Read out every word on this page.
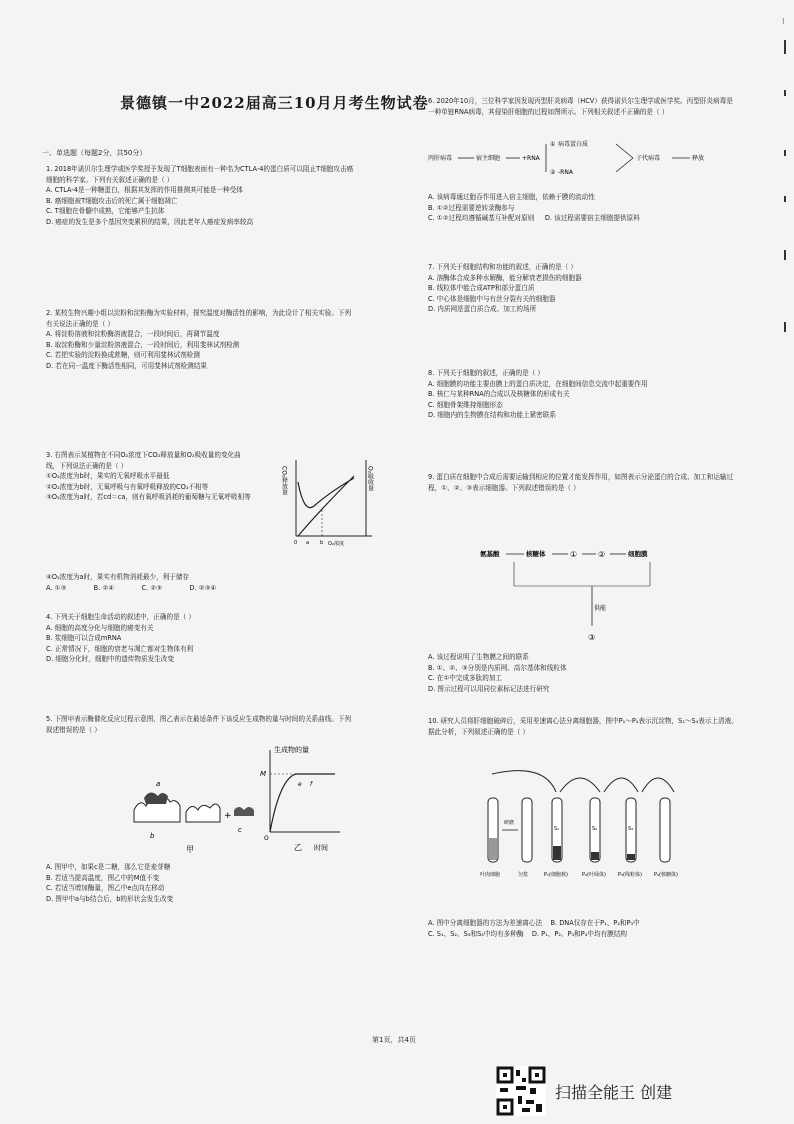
景德镇一中2022届高三10月月考生物试卷
一、单选题（每题2分，共50分）

1. 2018年诺贝尔生理学或医学奖授予发现了T细胞表面有一种名为CTLA-4的蛋白质可以阻止T细胞攻击癌细胞的科学家。下列有关叙述正确的是（ ）

A. CTLA-4是一种糖蛋白，根据其发挥的作用推测其可能是一种受体

B. 癌细胞被T细胞攻击后的死亡属于细胞凋亡

C. T细胞在骨髓中成熟，它能够产生抗体

D. 癌症的发生是多个基因突变累积的结果，因此老年人癌症发病率较高

2. 某校生物兴趣小组以淀粉和淀粉酶为实验材料，探究温度对酶活性的影响，为此设计了相关实验。下列有关说法正确的是（ ）

A. 将淀粉溶液和淀粉酶溶液混合，一段时间后，再调节温度

B. 取淀粉酶和少量淀粉溶液混合，一段时间后，利用斐林试剂检测

C. 若把实验的淀粉换成蔗糖，则可利用斐林试剂检测

D. 若在同一温度下酶活性相同，可用斐林试剂检测结果

3. 右图表示某植物在不同O₂浓度下CO₂释放量和O₂吸收量的变化曲线，下列说法正确的是（ ）

①O₂浓度为b时，果实的无氧呼吸水平最低

②O₂浓度为b时，无氧呼吸与有氧呼吸释放的CO₂不相等

③O₂浓度为a时，若cd＝ca，则有氧呼吸消耗的葡萄糖与无氧呼吸相等

④O₂浓度为a时，果实有机物消耗最少，利于储存

A. ①③	B. ②④	C. ②③	D. ②③④

CO₂释放量	O₂吸收量
O₂浓度
0 a b

4. 下列关于细胞生命活动的叙述中，正确的是（ ）

A. 细胞的高度分化与细胞的癌变有关

B. 浆细胞可以合成mRNA

C. 正常情况下，细胞的衰老与凋亡都对生物体有利

D. 细胞分化时，细胞中的遗传物质发生改变

5. 下图甲表示酶催化反应过程示意图，图乙表示在最适条件下该反应生成物的量与时间的关系曲线。下列叙述错误的是（ ）

a
b
+
c
甲
生成物的量
M
e f
O
乙 时间

A. 图甲中，如果c是二糖，那么它是麦芽糖

B. 若适当提高温度，图乙中的M值不变

C. 若适当增加酶量，图乙中e点向左移动

D. 图甲中a与b结合后，b的形状会发生改变

6. 2020年10月，三位科学家因发现丙型肝炎病毒（HCV）获得诺贝尔生理学或医学奖。丙型肝炎病毒是一种单链RNA病毒，其侵染肝细胞的过程如图所示。下列相关叙述不正确的是（ ）

丙肝病毒	宿主细胞	+RNA
① 病毒蛋白质
② -RNA
子代病毒	释放

A. 该病毒通过胞吞作用进入宿主细胞，依赖于膜的流动性

B. ①②过程需要逆转录酶参与

C. ①②过程均遵循碱基互补配对原则 D. 该过程需要宿主细胞提供原料

7. 下列关于细胞结构和功能的叙述，正确的是（ ）

A. 溶酶体合成多种水解酶，能分解衰老损伤的细胞器

B. 线粒体中能合成ATP和部分蛋白质

C. 中心体是细胞中与有丝分裂有关的细胞器

D. 内质网是蛋白质合成、加工的场所

8. 下列关于细胞的叙述，正确的是（ ）

A. 细胞膜的功能主要由膜上的蛋白质决定，在细胞间信息交流中起重要作用

B. 核仁与某种RNA的合成以及核糖体的形成有关

C. 细胞骨架维持细胞形态

D. 细胞内的生物膜在结构和功能上紧密联系

9. 蛋白质在细胞中合成后需要运输到相应的位置才能发挥作用，如图表示分泌蛋白的合成、加工和运输过程，①、②、③表示细胞器。下列叙述错误的是（ ）

氨基酸	核糖体	①	②	细胞膜
供能
③

A. 该过程说明了生物膜之间的联系

B. ①、②、③分别是内质网、高尔基体和线粒体

C. 在①中完成多肽的加工

D. 图示过程可以用同位素标记法进行研究

10. 研究人员将肝细胞破碎后，采用差速离心法分离细胞器，图中P₁～P₄表示沉淀物，S₁～S₄表示上清液。据此分析，下列叙述正确的是（ ）

研磨
S₁	S₂	S₃
叶肉细胞	匀浆	P₁(细胞核)	P₂(叶绿体) P₃(线粒体) P₄(核糖体)

A. 图中分离细胞器的方法为差速离心法 B. DNA仅存在于P₁、P₂和P₃中

C. S₁、S₂、S₃和S₄中均有多种酶 D. P₁、P₂、P₃和P₄中均有膜结构

第1页，共4页
扫描全能王 创建
⁝
